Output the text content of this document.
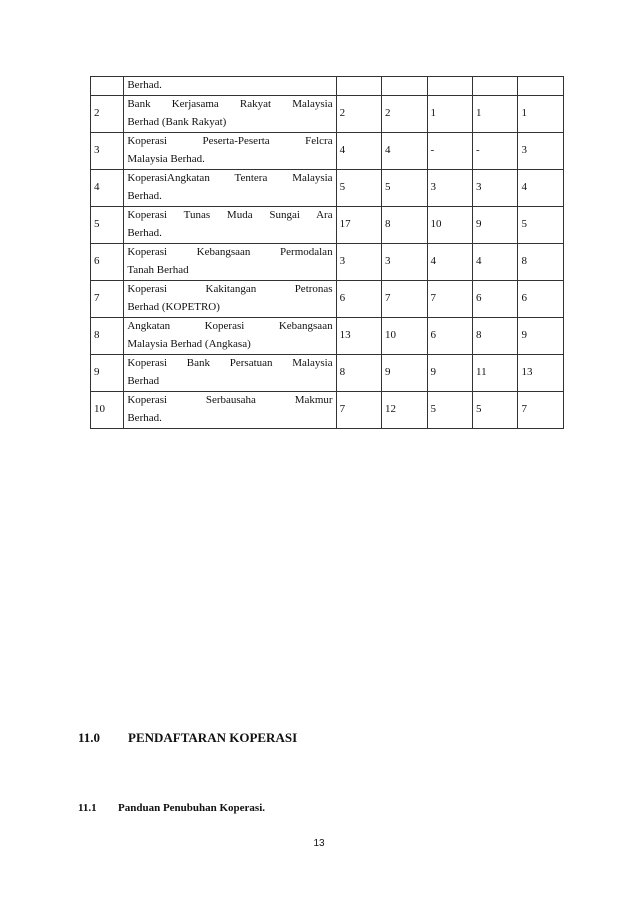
	Berhad.					
2	Bank Kerjasama Rakyat Malaysia
Berhad (Bank Rakyat)	2	2	1	1	1
3	Koperasi Peserta-Peserta Felcra
Malaysia Berhad.	4	4	-	-	3
4	KoperasiAngkatan Tentera Malaysia
Berhad.	5	5	3	3	4
5	Koperasi Tunas Muda Sungai Ara
Berhad.	17	8	10	9	5
6	Koperasi Kebangsaan Permodalan
Tanah Berhad	3	3	4	4	8
7	Koperasi Kakitangan Petronas
Berhad (KOPETRO)	6	7	7	6	6
8	Angkatan Koperasi Kebangsaan
Malaysia Berhad (Angkasa)	13	10	6	8	9
9	Koperasi Bank Persatuan Malaysia
Berhad	8	9	9	11	13
10	Koperasi Serbausaha Makmur
Berhad.	7	12	5	5	7
11.0 PENDAFTARAN KOPERASI
11.1 Panduan Penubuhan Koperasi.
13
